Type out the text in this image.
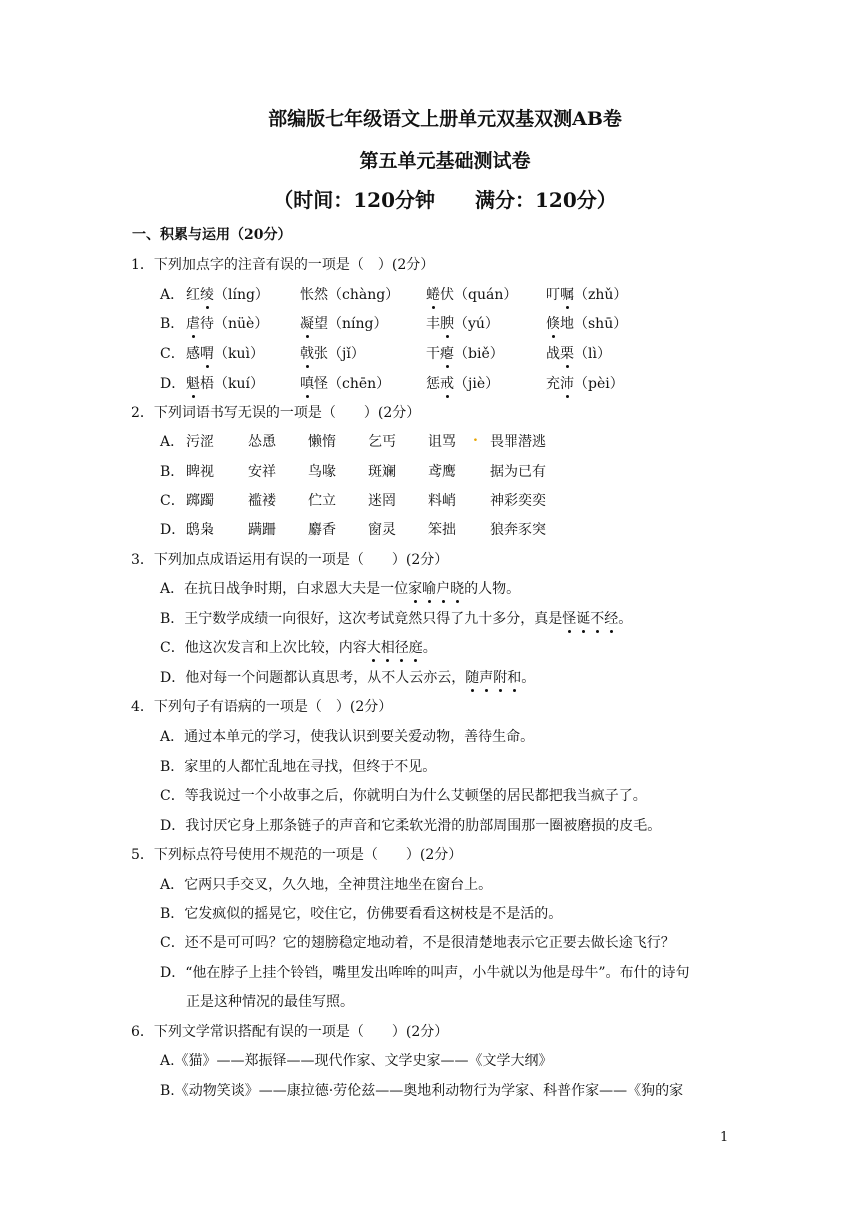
部编版七年级语文上册单元双基双测AB卷
第五单元基础测试卷
（时间：120分钟　　满分：120分）
一、积累与运用（20分）
1．下列加点字的注音有误的一项是（　）(2分）
A． 红绫（líng） 怅然（chàng） 蜷伏（quán） 叮嘱（zhǔ）
B． 虐待（nüè） 凝望（níng）	丰腴（yú）	倏地（shū）
C． 感喟（kuì）	戟张（jǐ）	干瘪（biě）	战栗（lì）
D． 魁梧（kuí）	嗔怪（chēn）	惩戒（jiè）	充沛（pèi）
2．下列词语书写无误的一项是（　　）(2分）
A． 污涩 怂恿 懒惰 乞丐 诅骂 畏罪潜逃
.
B． 睥视 安祥 鸟喙 斑斓 鸢鹰 据为已有
C． 踯躅 褴褛 伫立 迷罔 料峭 神彩奕奕
D． 鸱枭 蹒跚 麝香 窗灵 笨拙 狼奔豕突
3．下列加点成语运用有误的一项是（　　）(2分）
A．在抗日战争时期，白求恩大夫是一位家喻户晓的人物。
B．王宁数学成绩一向很好，这次考试竟然只得了九十多分，真是怪诞不经。
C．他这次发言和上次比较，内容大相径庭。
D．他对每一个问题都认真思考，从不人云亦云，随声附和。
4．下列句子有语病的一项是（　）(2分）
A．通过本单元的学习，使我认识到要关爱动物，善待生命。
B．家里的人都忙乱地在寻找，但终于不见。
C．等我说过一个小故事之后，你就明白为什么艾顿堡的居民都把我当疯子了。
D．我讨厌它身上那条链子的声音和它柔软光滑的肋部周围那一圈被磨损的皮毛。
5．下列标点符号使用不规范的一项是（　　）(2分）
A．它两只手交叉，久久地，全神贯注地坐在窗台上。
B．它发疯似的摇晃它，咬住它，仿佛要看看这树枝是不是活的。
C．还不是可可吗？它的翅膀稳定地动着，不是很清楚地表示它正要去做长途飞行？
D．“他在脖子上挂个铃铛，嘴里发出哞哞的叫声，小牛就以为他是母牛”。布什的诗句
正是这种情况的最佳写照。
6．下列文学常识搭配有误的一项是（　　）(2分）
A.《猫》——郑振铎——现代作家、文学史家——《文学大纲》
B.《动物笑谈》——康拉德·劳伦兹——奥地利动物行为学家、科普作家——《狗的家
1
